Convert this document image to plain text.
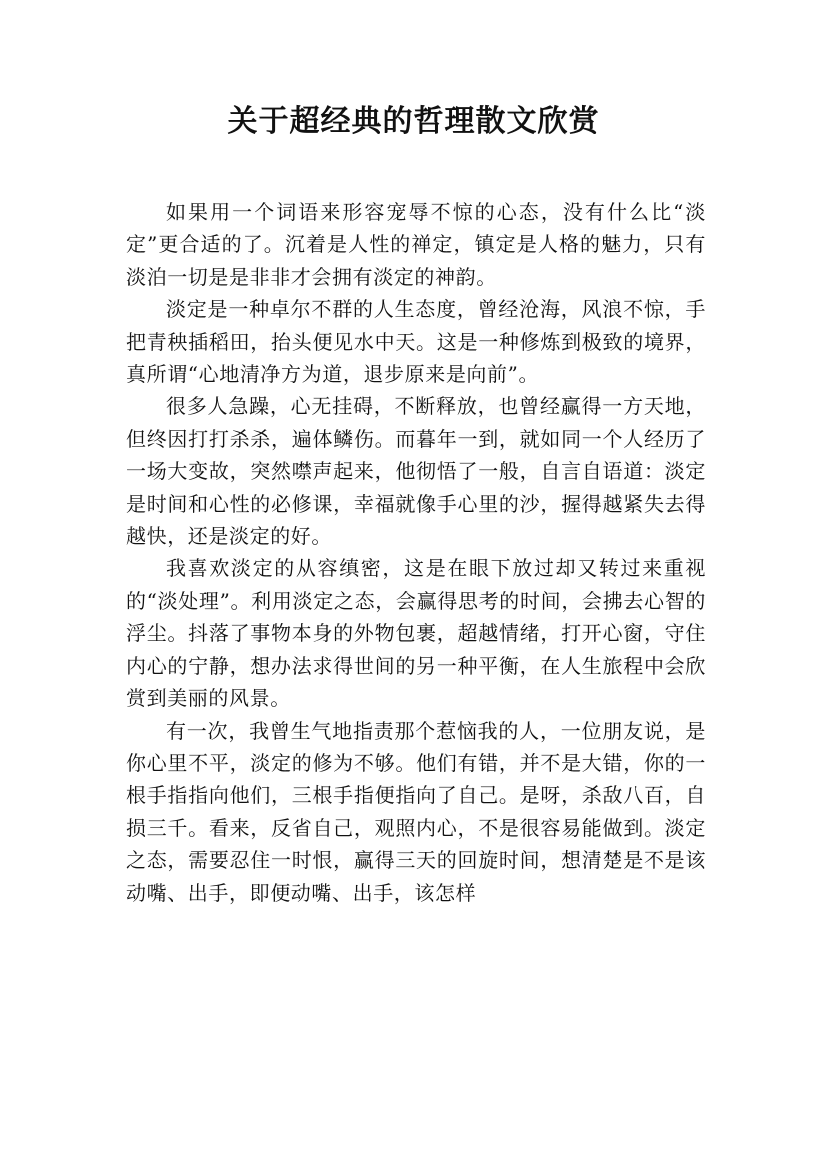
关于超经典的哲理散文欣赏

如果用一个词语来形容宠辱不惊的心态，没有什么比“淡定”更合适的了。沉着是人性的禅定，镇定是人格的魅力，只有淡泊一切是是非非才会拥有淡定的神韵。

淡定是一种卓尔不群的人生态度，曾经沧海，风浪不惊，手把青秧插稻田，抬头便见水中天。这是一种修炼到极致的境界，真所谓“心地清净方为道，退步原来是向前”。

很多人急躁，心无挂碍，不断释放，也曾经赢得一方天地，但终因打打杀杀，遍体鳞伤。而暮年一到，就如同一个人经历了一场大变故，突然噤声起来，他彻悟了一般，自言自语道：淡定是时间和心性的必修课，幸福就像手心里的沙，握得越紧失去得越快，还是淡定的好。

我喜欢淡定的从容缜密，这是在眼下放过却又转过来重视的“淡处理”。利用淡定之态，会赢得思考的时间，会拂去心智的浮尘。抖落了事物本身的外物包裹，超越情绪，打开心窗，守住内心的宁静，想办法求得世间的另一种平衡，在人生旅程中会欣赏到美丽的风景。

有一次，我曾生气地指责那个惹恼我的人，一位朋友说，是你心里不平，淡定的修为不够。他们有错，并不是大错，你的一根手指指向他们，三根手指便指向了自己。是呀，杀敌八百，自损三千。看来，反省自己，观照内心，不是很容易能做到。淡定之态，需要忍住一时恨，赢得三天的回旋时间，想清楚是不是该动嘴、出手，即便动嘴、出手，该怎样
